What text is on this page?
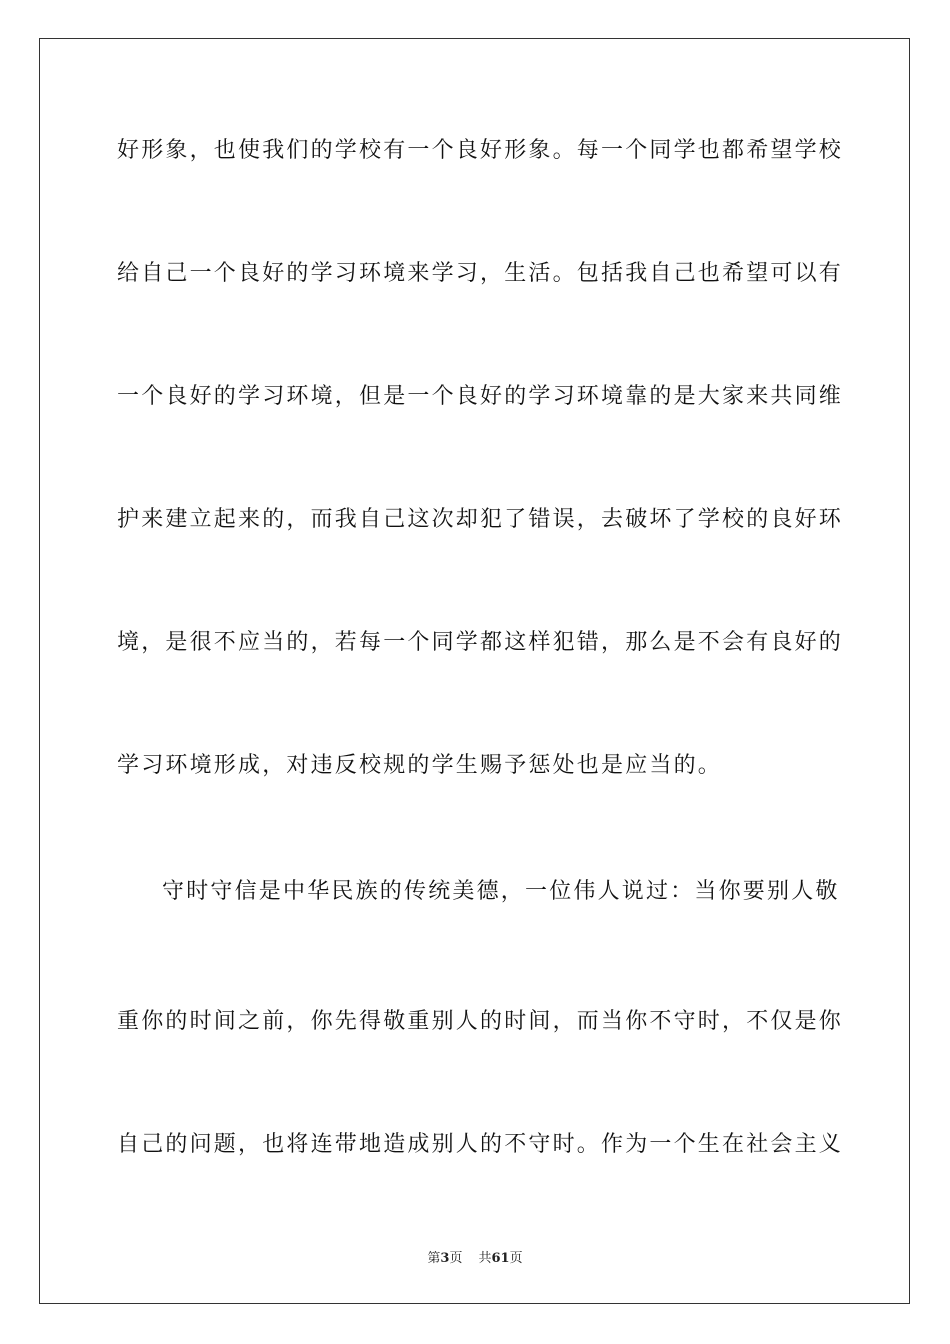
好形象，也使我们的学校有一个良好形象。每一个同学也都希望学校
给自己一个良好的学习环境来学习，生活。包括我自己也希望可以有
一个良好的学习环境，但是一个良好的学习环境靠的是大家来共同维
护来建立起来的，而我自己这次却犯了错误，去破坏了学校的良好环
境，是很不应当的，若每一个同学都这样犯错，那么是不会有良好的
学习环境形成，对违反校规的学生赐予惩处也是应当的。
守时守信是中华民族的传统美德，一位伟人说过：当你要别人敬
重你的时间之前，你先得敬重别人的时间，而当你不守时，不仅是你
自己的问题，也将连带地造成别人的不守时。作为一个生在社会主义
第3页 共61页
